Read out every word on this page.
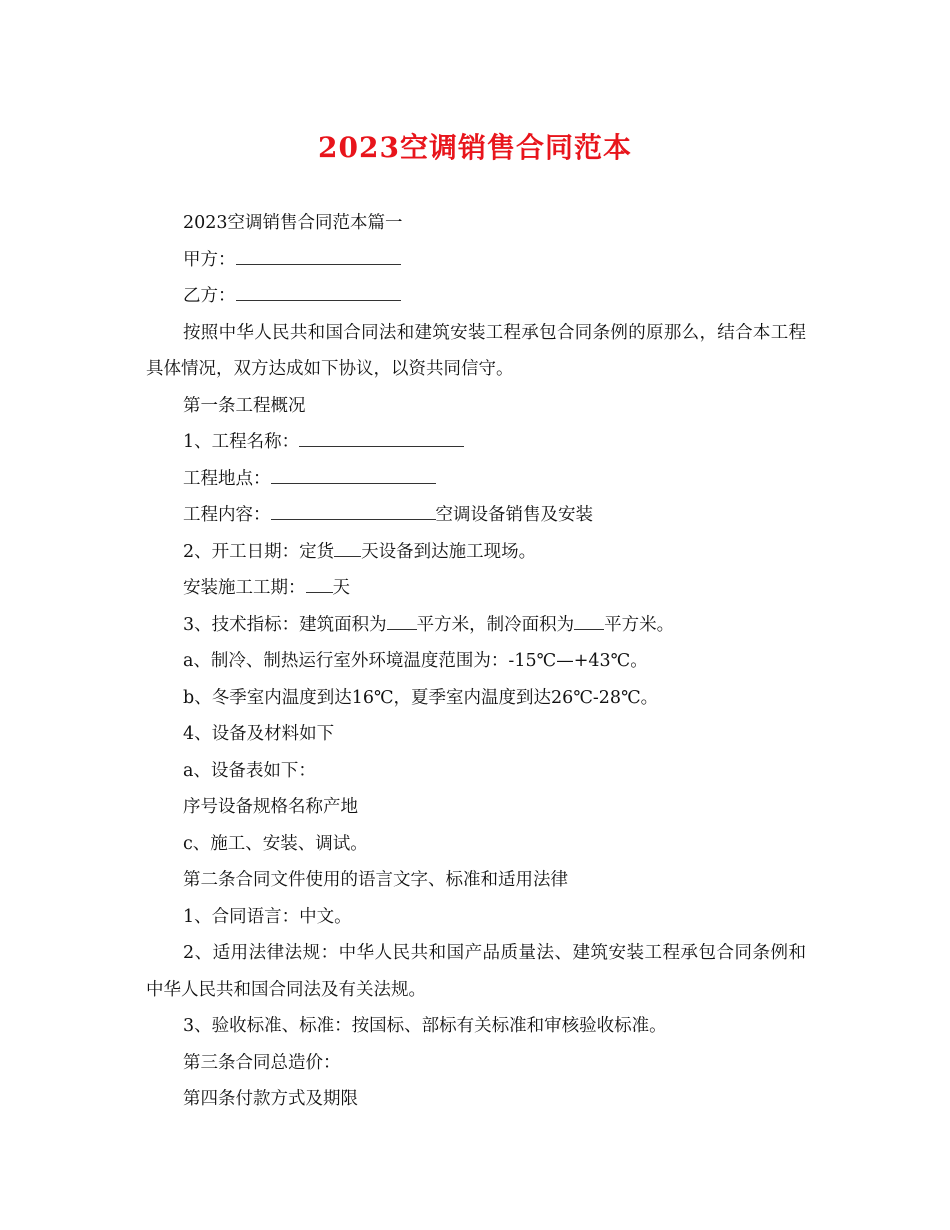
2023空调销售合同范本

2023空调销售合同范本篇一

甲方：

乙方：

按照中华人民共和国合同法和建筑安装工程承包合同条例的原那么，结合本工程具体情况，双方达成如下协议，以资共同信守。

第一条工程概况

1、工程名称：

工程地点：

工程内容：	空调设备销售及安装

2、开工日期：定货 天设备到达施工现场。

安装施工工期： 天

3、技术指标：建筑面积为 平方米，制冷面积为 平方米。

a、制冷、制热运行室外环境温度范围为：-15℃—+43℃。

b、冬季室内温度到达16℃，夏季室内温度到达26℃-28℃。

4、设备及材料如下

a、设备表如下：

序号设备规格名称产地

c、施工、安装、调试。

第二条合同文件使用的语言文字、标准和适用法律

1、合同语言：中文。

2、适用法律法规：中华人民共和国产品质量法、建筑安装工程承包合同条例和中华人民共和国合同法及有关法规。

3、验收标准、标准：按国标、部标有关标准和审核验收标准。

第三条合同总造价：

第四条付款方式及期限
